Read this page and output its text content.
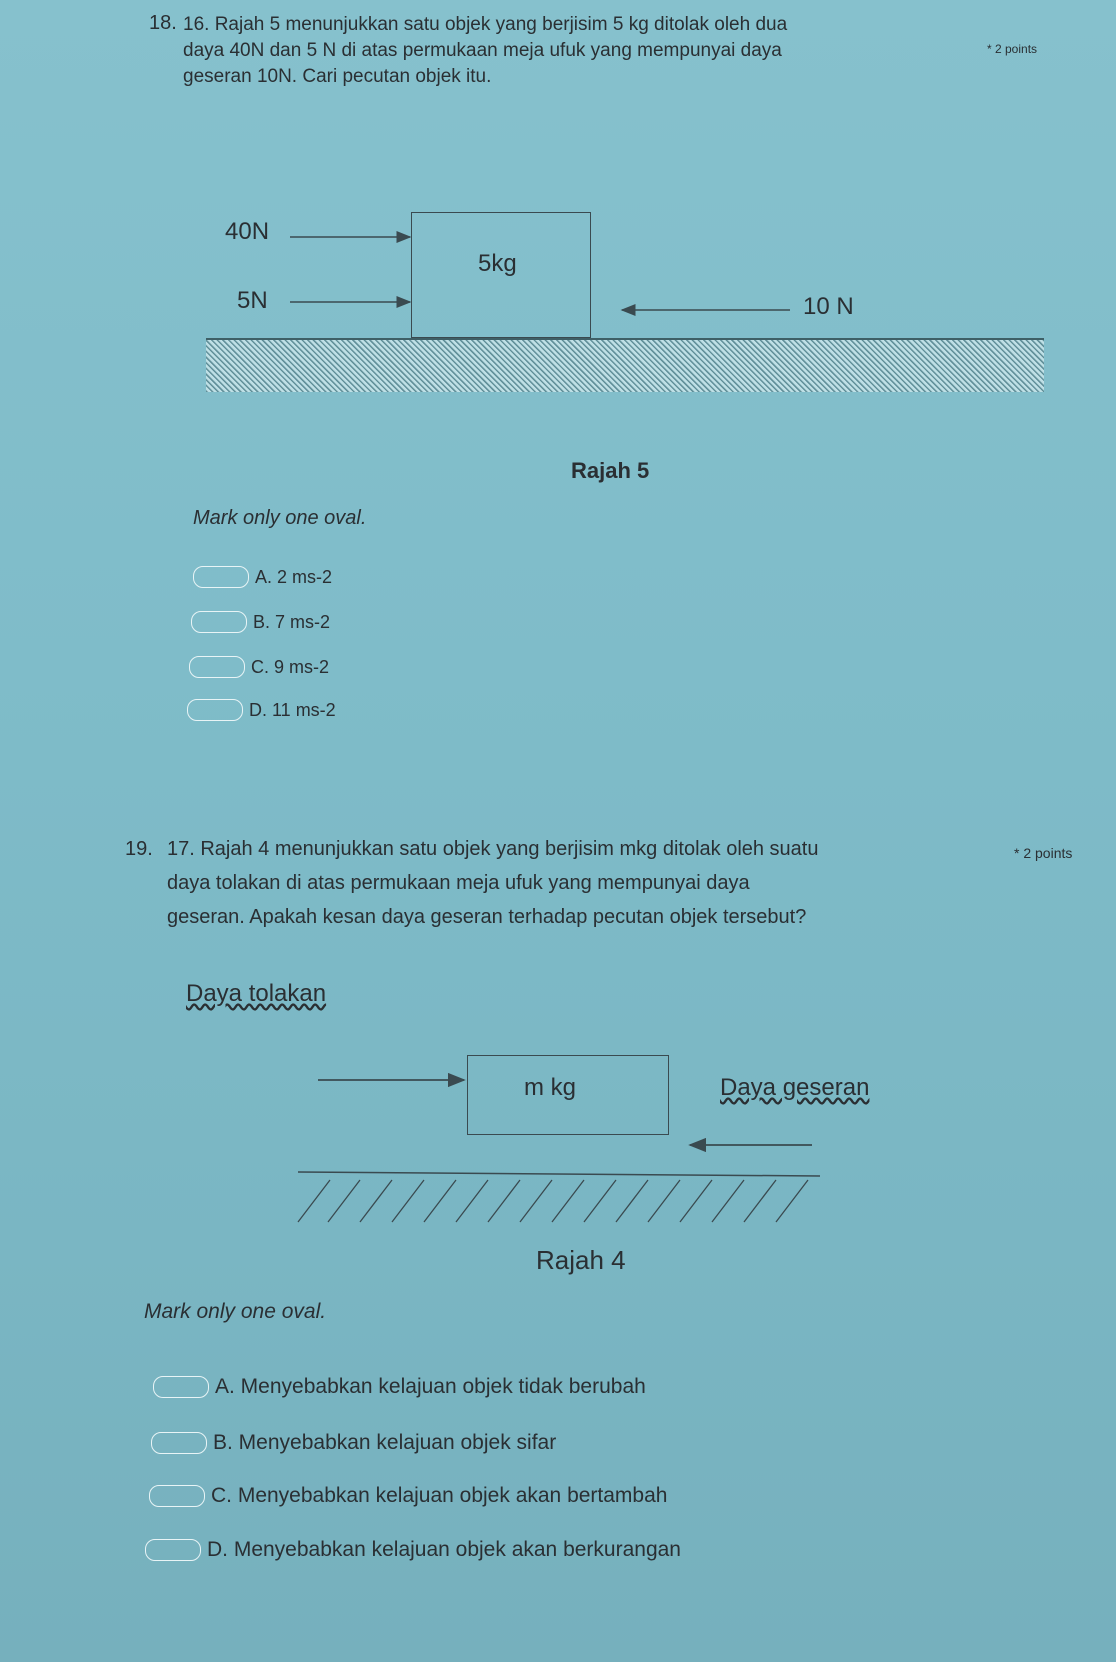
18. 16. Rajah 5 menunjukkan satu objek yang berjisim 5 kg ditolak oleh dua
daya 40N dan 5 N di atas permukaan meja ufuk yang mempunyai daya
geseran 10N. Cari pecutan objek itu.
* 2 points
40N
5N
5kg
10 N
Rajah 5
Mark only one oval.
A. 2 ms-2
B. 7 ms-2
C. 9 ms-2
D. 11 ms-2
19. 17. Rajah 4 menunjukkan satu objek yang berjisim mkg ditolak oleh suatu
daya tolakan di atas permukaan meja ufuk yang mempunyai daya
geseran. Apakah kesan daya geseran terhadap pecutan objek tersebut?
* 2 points
Daya tolakan
m kg	Daya geseran
Rajah 4
Mark only one oval.
A. Menyebabkan kelajuan objek tidak berubah
B. Menyebabkan kelajuan objek sifar
C. Menyebabkan kelajuan objek akan bertambah
D. Menyebabkan kelajuan objek akan berkurangan
